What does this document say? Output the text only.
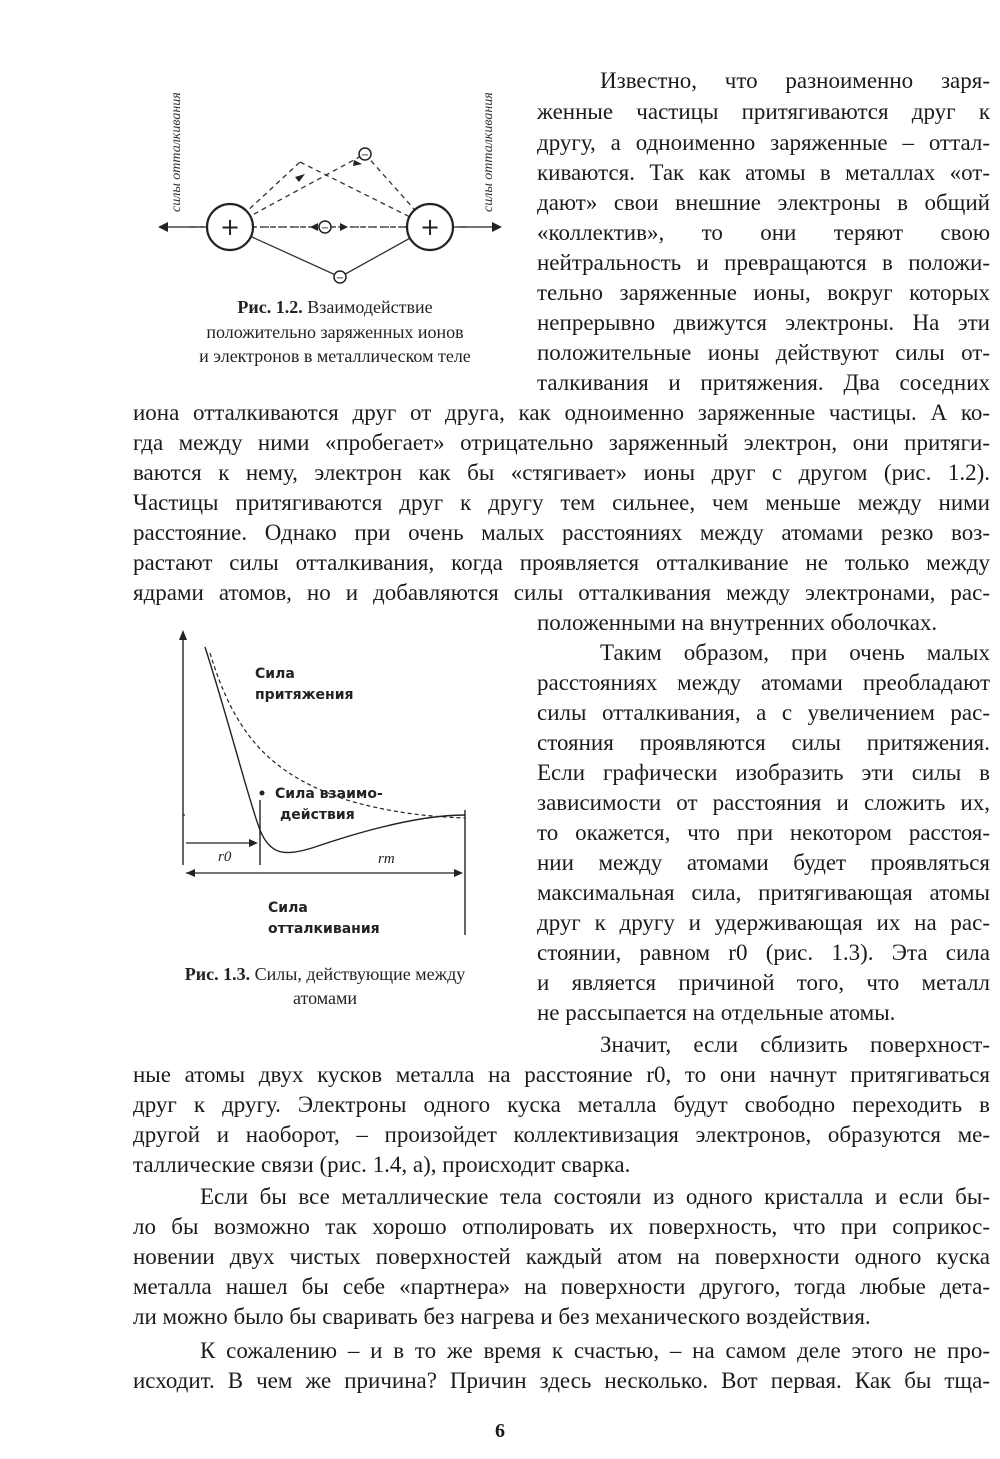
+	+
−
−
−
силы отталкивания	силы отталкивания

Рис. 1.2. Взаимодействие

положительно заряженных ионов

и электронов в металлическом теле

Сила
притяжения
Сила взаимо-
действия
r0	rm
Сила
отталкивания

Рис. 1.3. Силы, действующие между

атомами

Известно, что разноименно заря-

женные частицы притягиваются друг к

другу, а одноименно заряженные – оттал-

киваются. Так как атомы в металлах «от-

дают» свои внешние электроны в общий

«коллектив», то они теряют свою

нейтральность и превращаются в положи-

тельно заряженные ионы, вокруг которых

непрерывно движутся электроны. На эти

положительные ионы действуют силы от-

талкивания и притяжения. Два соседних

иона отталкиваются друг от друга, как одноименно заряженные частицы. А ко-

гда между ними «пробегает» отрицательно заряженный электрон, они притяги-

ваются к нему, электрон как бы «стягивает» ионы друг с другом (рис. 1.2).

Частицы притягиваются друг к другу тем сильнее, чем меньше между ними

расстояние. Однако при очень малых расстояниях между атомами резко воз-

растают силы отталкивания, когда проявляется отталкивание не только между

ядрами атомов, но и добавляются силы отталкивания между электронами, рас-

положенными на внутренних оболочках.

Таким образом, при очень малых

расстояниях между атомами преобладают

силы отталкивания, а с увеличением рас-

стояния проявляются силы притяжения.

Если графически изобразить эти силы в

зависимости от расстояния и сложить их,

то окажется, что при некотором расстоя-

нии между атомами будет проявляться

максимальная сила, притягивающая атомы

друг к другу и удерживающая их на рас-

стоянии, равном r0 (рис. 1.3). Эта сила

и является причиной того, что металл

не рассыпается на отдельные атомы.

Значит, если сблизить поверхност-

ные атомы двух кусков металла на расстояние r0, то они начнут притягиваться

друг к другу. Электроны одного куска металла будут свободно переходить в

другой и наоборот, – произойдет коллективизация электронов, образуются ме-

таллические связи (рис. 1.4, а), происходит сварка.

Если бы все металлические тела состояли из одного кристалла и если бы-

ло бы возможно так хорошо отполировать их поверхность, что при соприкос-

новении двух чистых поверхностей каждый атом на поверхности одного куска

металла нашел бы себе «партнера» на поверхности другого, тогда любые дета-

ли можно было бы сваривать без нагрева и без механического воздействия.

К сожалению – и в то же время к счастью, – на самом деле этого не про-

исходит. В чем же причина? Причин здесь несколько. Вот первая. Как бы тща-

6
